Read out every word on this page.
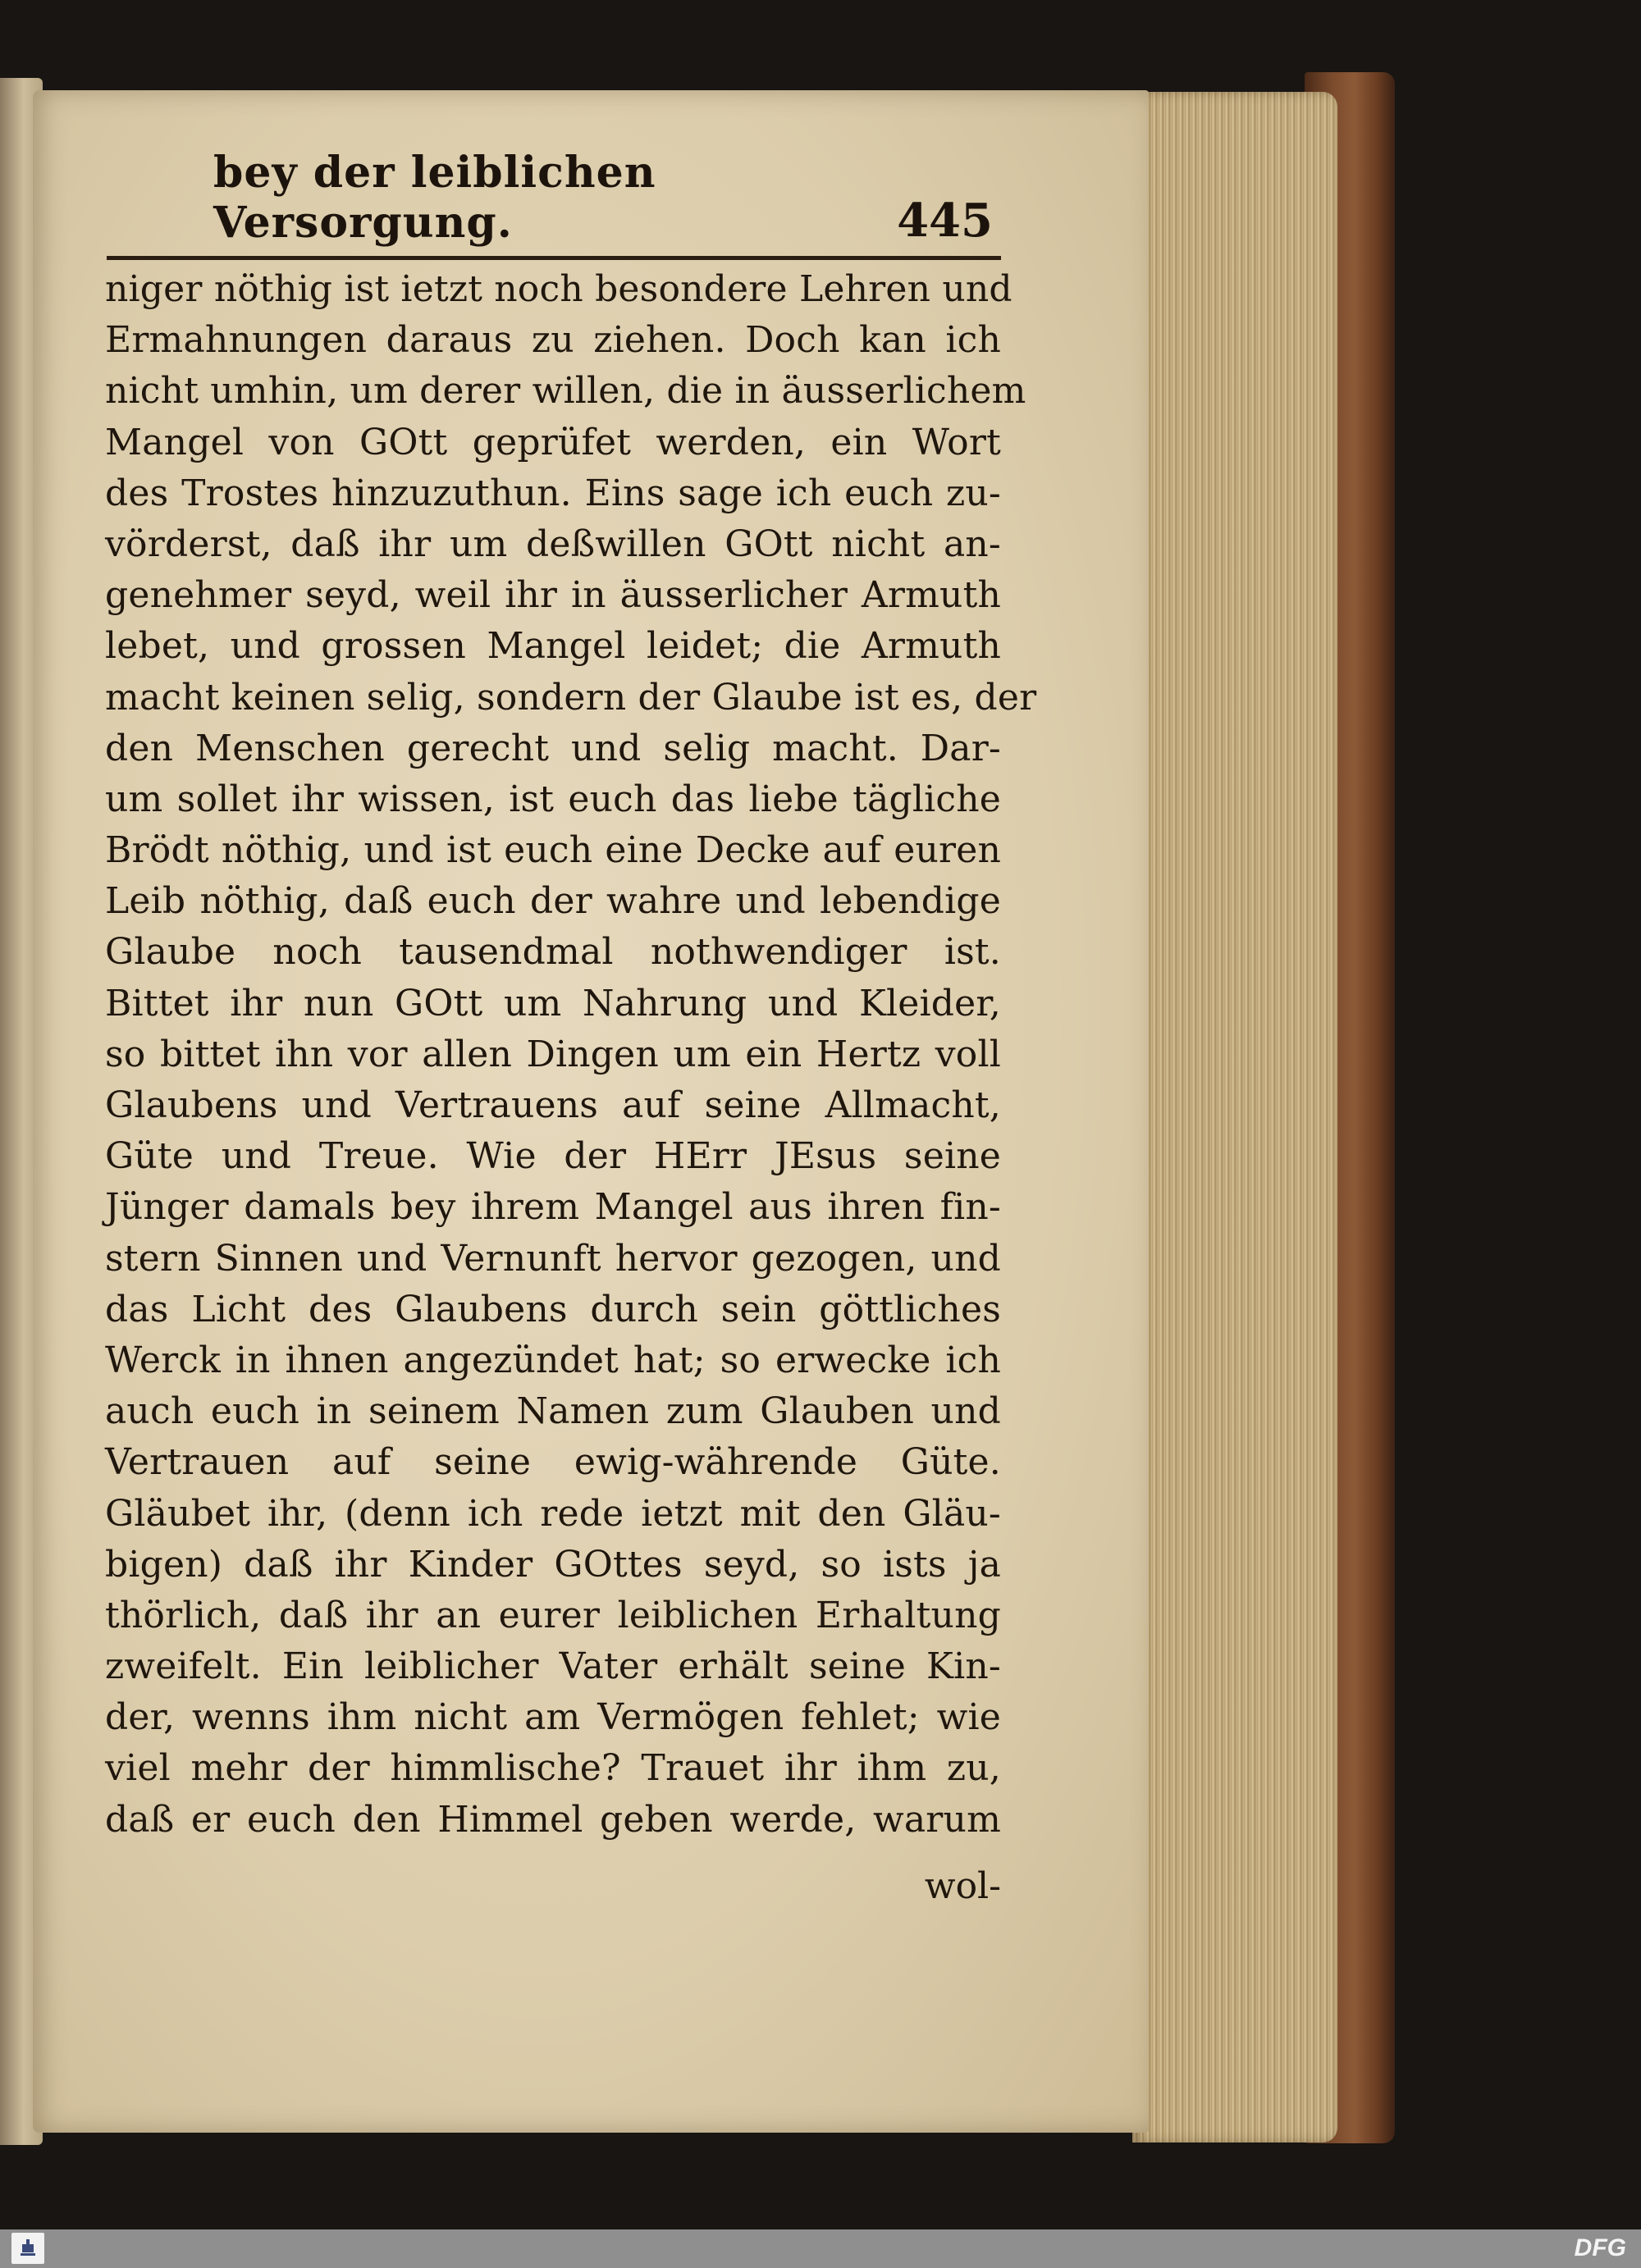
bey der leiblichen Versorgung.	445
niger nöthig ist ietzt noch besondere Lehren und
Ermahnungen daraus zu ziehen. Doch kan ich
nicht umhin, um derer willen, die in äusserlichem
Mangel von GOtt geprüfet werden, ein Wort
des Trostes hinzuzuthun. Eins sage ich euch zu-
vörderst, daß ihr um deßwillen GOtt nicht an-
genehmer seyd, weil ihr in äusserlicher Armuth
lebet, und grossen Mangel leidet; die Armuth
macht keinen selig, sondern der Glaube ist es, der
den Menschen gerecht und selig macht. Dar-
um sollet ihr wissen, ist euch das liebe tägliche
Brödt nöthig, und ist euch eine Decke auf euren
Leib nöthig, daß euch der wahre und lebendige
Glaube noch tausendmal nothwendiger ist.
Bittet ihr nun GOtt um Nahrung und Kleider,
so bittet ihn vor allen Dingen um ein Hertz voll
Glaubens und Vertrauens auf seine Allmacht,
Güte und Treue. Wie der HErr JEsus seine
Jünger damals bey ihrem Mangel aus ihren fin-
stern Sinnen und Vernunft hervor gezogen, und
das Licht des Glaubens durch sein göttliches
Werck in ihnen angezündet hat; so erwecke ich
auch euch in seinem Namen zum Glauben und
Vertrauen auf seine ewig-währende Güte.
Gläubet ihr, (denn ich rede ietzt mit den Gläu-
bigen) daß ihr Kinder GOttes seyd, so ists ja
thörlich, daß ihr an eurer leiblichen Erhaltung
zweifelt. Ein leiblicher Vater erhält seine Kin-
der, wenns ihm nicht am Vermögen fehlet; wie
viel mehr der himmlische? Trauet ihr ihm zu,
daß er euch den Himmel geben werde, warum
wol-
DFG
